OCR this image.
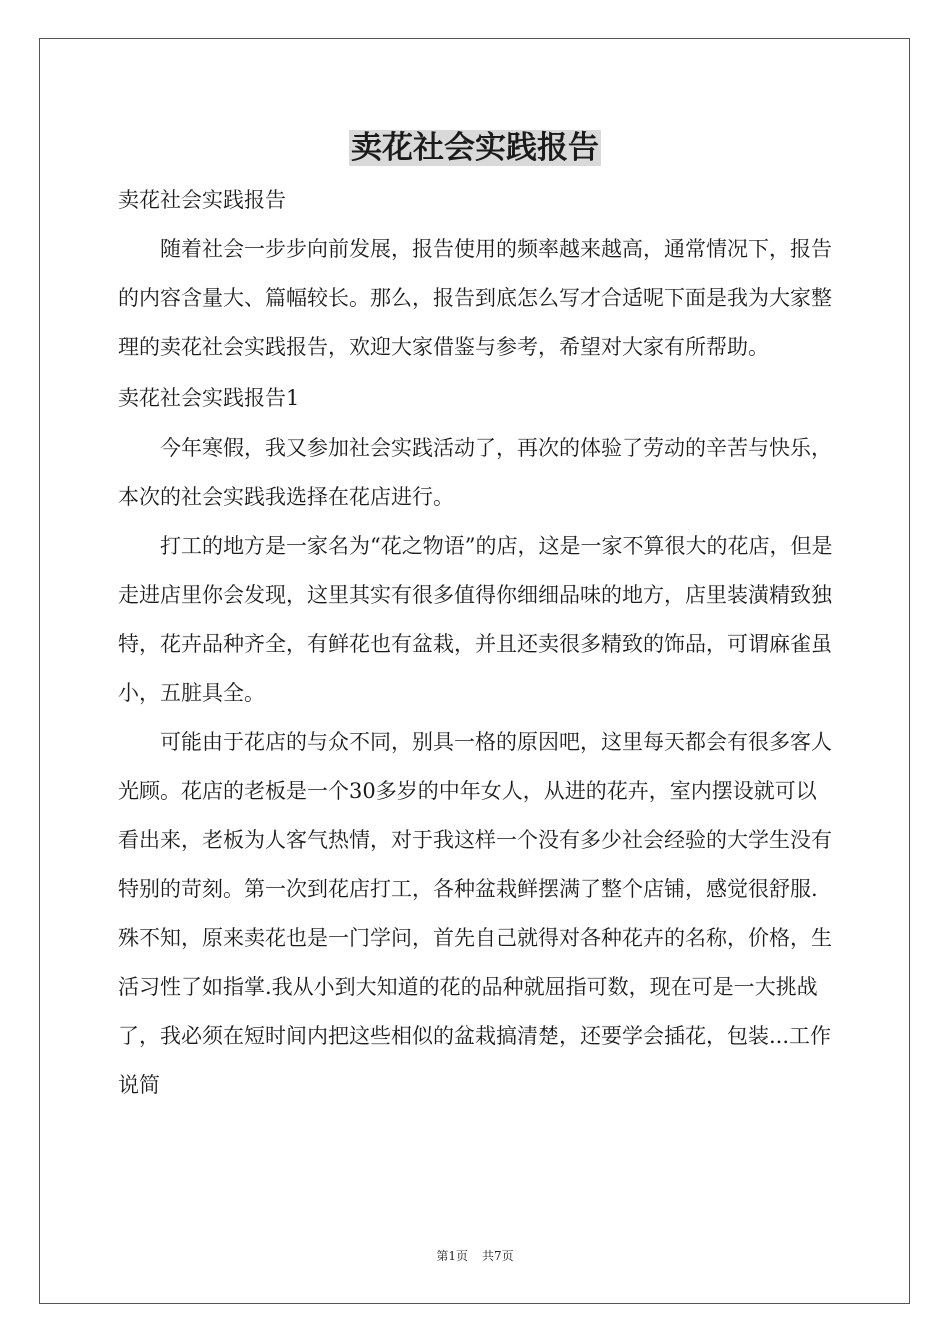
卖花社会实践报告

卖花社会实践报告

随着社会一步步向前发展，报告使用的频率越来越高，通常情况下，报告的内容含量大、篇幅较长。那么，报告到底怎么写才合适呢下面是我为大家整理的卖花社会实践报告，欢迎大家借鉴与参考，希望对大家有所帮助。

卖花社会实践报告1

今年寒假，我又参加社会实践活动了，再次的体验了劳动的辛苦与快乐，本次的社会实践我选择在花店进行。

打工的地方是一家名为“花之物语”的店，这是一家不算很大的花店，但是走进店里你会发现，这里其实有很多值得你细细品味的地方，店里装潢精致独特，花卉品种齐全，有鲜花也有盆栽，并且还卖很多精致的饰品，可谓麻雀虽小，五脏具全。

可能由于花店的与众不同，别具一格的原因吧，这里每天都会有很多客人光顾。花店的老板是一个30多岁的中年女人，从进的花卉，室内摆设就可以看出来，老板为人客气热情，对于我这样一个没有多少社会经验的大学生没有特别的苛刻。第一次到花店打工，各种盆栽鲜摆满了整个店铺，感觉很舒服.殊不知，原来卖花也是一门学问，首先自己就得对各种花卉的名称，价格，生活习性了如指掌.我从小到大知道的花的品种就屈指可数，现在可是一大挑战了，我必须在短时间内把这些相似的盆栽搞清楚，还要学会插花，包装...工作说简

第1页 共7页
